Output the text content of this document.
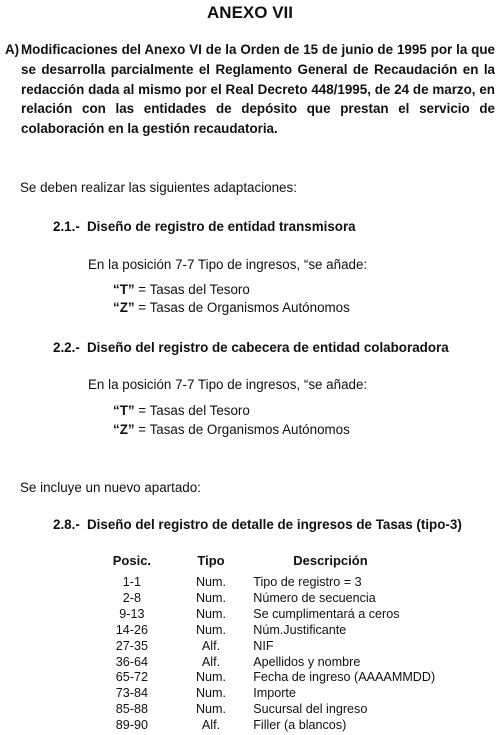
ANEXO VII
A) Modificaciones del Anexo VI de la Orden de 15 de junio de 1995 por la que se desarrolla parcialmente el Reglamento General de Recaudación en la redacción dada al mismo por el Real Decreto 448/1995, de 24 de marzo, en relación con las entidades de depósito que prestan el servicio de colaboración en la gestión recaudatoria.
Se deben realizar las siguientes adaptaciones:
2.1.- Diseño de registro de entidad transmisora
En la posición 7-7 Tipo de ingresos, “se añade:
“T” = Tasas del Tesoro
“Z” = Tasas de Organismos Autónomos
2.2.- Diseño del registro de cabecera de entidad colaboradora
En la posición 7-7 Tipo de ingresos, “se añade:
“T” = Tasas del Tesoro
“Z” = Tasas de Organismos Autónomos
Se incluye un nuevo apartado:
2.8.- Diseño del registro de detalle de ingresos de Tasas (tipo-3)
Posic.	Tipo	Descripción
1-1	Num.	Tipo de registro = 3
2-8	Num.	Número de secuencia
9-13	Num.	Se cumplimentará a ceros
14-26	Num.	Núm.Justificante
27-35	Alf.	NIF
36-64	Alf.	Apellidos y nombre
65-72	Num.	Fecha de ingreso (AAAAMMDD)
73-84	Num.	Importe
85-88	Num.	Sucursal del ingreso
89-90	Alf.	Filler (a blancos)
